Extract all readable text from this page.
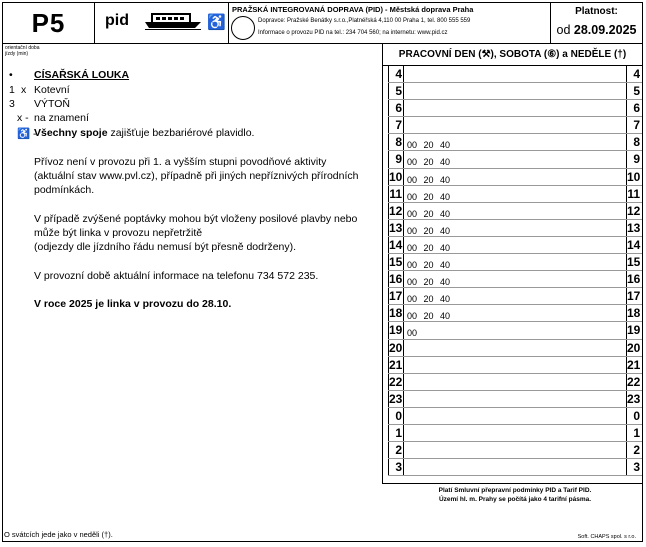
P5	pid	♿
PRAŽSKÁ INTEGROVANÁ DOPRAVA (PID) - Městská doprava Praha
Dopravce: Pražské Benátky s.r.o.,Platnéřská 4,110 00 Praha 1, tel. 800 555 559
Informace o provozu PID na tel.: 234 704 560; na internetu: www.pid.cz
Platnost:
od 28.09.2025
orientační doba
jízdy (min)
•	CÍSAŘSKÁ LOUKA
1 x Kotevní
3	VÝTOŇ
x - na znamení
♿ -
Všechny spoje zajišťuje bezbariérové plavidlo.
Přívoz není v provozu při 1. a vyšším stupni povodňové aktivity
(aktuální stav www.pvl.cz), případně při jiných nepříznivých přírodních
podmínkách.
V případě zvýšené poptávky mohou být vloženy posilové plavby nebo
může být linka v provozu nepřetržitě
(odjezdy dle jízdního řádu nemusí být přesně dodrženy).
V provozní době aktuální informace na telefonu 734 572 235.
V roce 2025 je linka v provozu do 28.10.
O svátcích jede jako v neděli (†).
PRACOVNÍ DEN (⚒), SOBOTA (⑥) a NEDĚLE (†)
4	4
5	5
6	6
7	7
8 00 20 40	8
9 00 20 40	9
10 00 20 40	10
11 00 20 40	11
12 00 20 40	12
13 00 20 40	13
14 00 20 40	14
15 00 20 40	15
16 00 20 40	16
17 00 20 40	17
18 00 20 40	18
19 00	19
20	20
21	21
22	22
23	23
0	0
1	1
2	2
3	3
Platí Smluvní přepravní podmínky PID a Tarif PID.
Území hl. m. Prahy se počítá jako 4 tarifní pásma.
Soft. CHAPS spol. s r.o.
